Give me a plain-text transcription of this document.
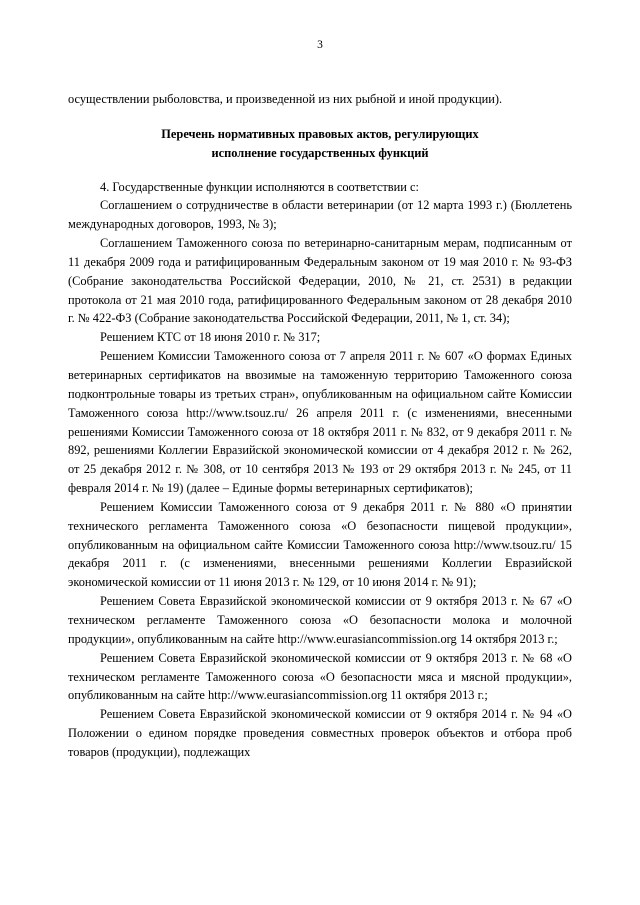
3

осуществлении рыболовства, и произведенной из них рыбной и иной продукции).

Перечень нормативных правовых актов, регулирующих
исполнение государственных функций

4. Государственные функции исполняются в соответствии с:

Соглашением о сотрудничестве в области ветеринарии (от 12 марта 1993 г.) (Бюллетень международных договоров, 1993, № 3);

Соглашением Таможенного союза по ветеринарно-санитарным мерам, подписанным от 11 декабря 2009 года и ратифицированным Федеральным законом от 19 мая 2010 г. № 93-ФЗ (Собрание законодательства Российской Федерации, 2010, № 21, ст. 2531) в редакции протокола от 21 мая 2010 года, ратифицированного Федеральным законом от 28 декабря 2010 г. № 422-ФЗ (Собрание законодательства Российской Федерации, 2011, № 1, ст. 34);

Решением КТС от 18 июня 2010 г. № 317;

Решением Комиссии Таможенного союза от 7 апреля 2011 г. № 607 «О формах Единых ветеринарных сертификатов на ввозимые на таможенную территорию Таможенного союза подконтрольные товары из третьих стран», опубликованным на официальном сайте Комиссии Таможенного союза http://www.tsouz.ru/ 26 апреля 2011 г. (с изменениями, внесенными решениями Комиссии Таможенного союза от 18 октября 2011 г. № 832, от 9 декабря 2011 г. № 892, решениями Коллегии Евразийской экономической комиссии от 4 декабря 2012 г. № 262, от 25 декабря 2012 г. № 308, от 10 сентября 2013 № 193 от 29 октября 2013 г. № 245, от 11 февраля 2014 г. № 19) (далее – Единые формы ветеринарных сертификатов);

Решением Комиссии Таможенного союза от 9 декабря 2011 г. № 880 «О принятии технического регламента Таможенного союза «О безопасности пищевой продукции», опубликованным на официальном сайте Комиссии Таможенного союза http://www.tsouz.ru/ 15 декабря 2011 г. (с изменениями, внесенными решениями Коллегии Евразийской экономической комиссии от 11 июня 2013 г. № 129, от 10 июня 2014 г. № 91);

Решением Совета Евразийской экономической комиссии от 9 октября 2013 г. № 67 «О техническом регламенте Таможенного союза «О безопасности молока и молочной продукции», опубликованным на сайте http://www.eurasiancommission.org 14 октября 2013 г.;

Решением Совета Евразийской экономической комиссии от 9 октября 2013 г. № 68 «О техническом регламенте Таможенного союза «О безопасности мяса и мясной продукции», опубликованным на сайте http://www.eurasiancommission.org 11 октября 2013 г.;

Решением Совета Евразийской экономической комиссии от 9 октября 2014 г. № 94 «О Положении о едином порядке проведения совместных проверок объектов и отбора проб товаров (продукции), подлежащих
